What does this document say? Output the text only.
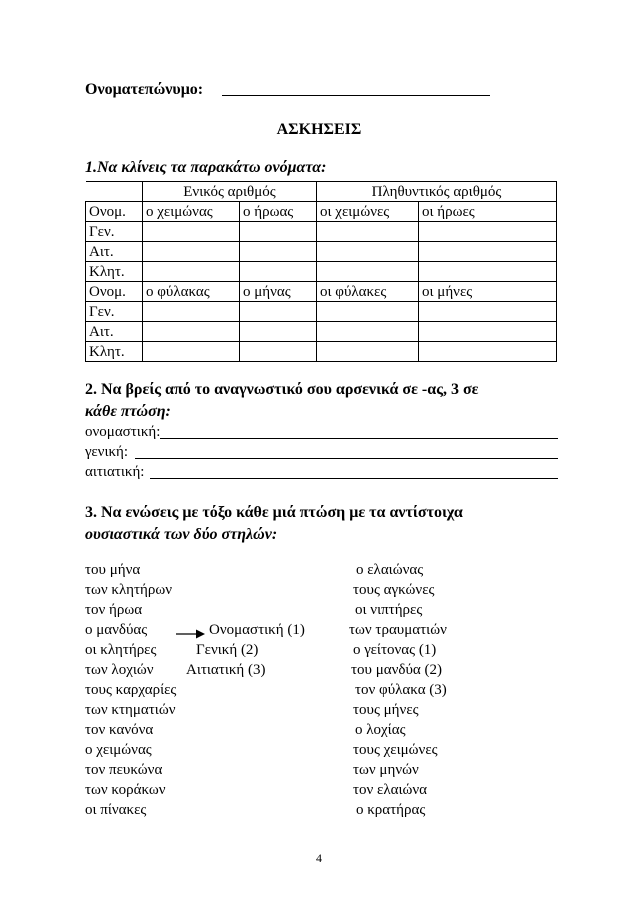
Ονοματεπώνυμο:
ΑΣΚΗΣΕΙΣ
1.Να κλίνεις τα παρακάτω ονόματα:
	Ενικός αριθμός		Πληθυντικός αριθμός	
Ονομ.	ο χειμώνας	ο ήρωας	οι χειμώνες	οι ήρωες
Γεν.				
Αιτ.				
Κλητ.				
Ονομ.	ο φύλακας	ο μήνας	οι φύλακες	οι μήνες
Γεν.				
Αιτ.				
Κλητ.				
2. Να βρείς από το αναγνωστικό σου αρσενικά σε -ας, 3 σε
κάθε πτώση:
ονομαστική:
γενική:
αιτιατική:
3. Να ενώσεις με τόξο κάθε μιά πτώση με τα αντίστοιχα
ουσιαστικά των δύο στηλών:
του μήνα
των κλητήρων
τον ήρωα
ο μανδύας
οι κλητήρες
των λοχιών
τους καρχαρίες
των κτηματιών
τον κανόνα
ο χειμώνας
τον πευκώνα
των κοράκων
οι πίνακες
Ονομαστική (1)
Γενική (2)
Αιτιατική (3)
ο ελαιώνας
τους αγκώνες
οι νιπτήρες
των τραυματιών
ο γείτονας (1)
του μανδύα (2)
τον φύλακα (3)
τους μήνες
ο λοχίας
τους χειμώνες
των μηνών
τον ελαιώνα
ο κρατήρας
4
